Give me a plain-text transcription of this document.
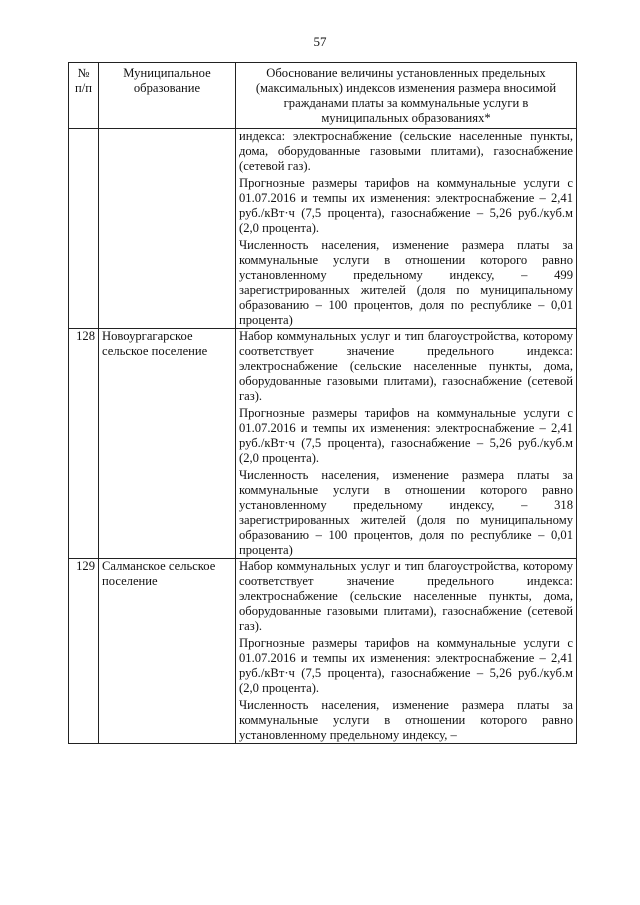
57
№ п/п	Муниципальное образование	Обоснование величины установленных предельных (максимальных) индексов изменения размера вносимой гражданами платы за коммунальные услуги в муниципальных образованиях*

		индекса: электроснабжение (сельские населенные пункты, дома, оборудованные газовыми плитами), газоснабжение (сетевой газ).
Прогнозные размеры тарифов на коммунальные услуги с 01.07.2016 и темпы их изменения: электроснабжение – 2,41 руб./кВт·ч (7,5 процента), газоснабжение – 5,26 руб./куб.м (2,0 процента).
Численность населения, изменение размера платы за коммунальные услуги в отношении которого равно установленному предельному индексу, – 499 зарегистрированных жителей (доля по муниципальному образованию – 100 процентов, доля по республике – 0,01 процента)

128	Новоургагарское сельское поселение	Набор коммунальных услуг и тип благоустройства, которому соответствует значение предельного индекса: электроснабжение (сельские населенные пункты, дома, оборудованные газовыми плитами), газоснабжение (сетевой газ).
Прогнозные размеры тарифов на коммунальные услуги с 01.07.2016 и темпы их изменения: электроснабжение – 2,41 руб./кВт·ч (7,5 процента), газоснабжение – 5,26 руб./куб.м (2,0 процента).
Численность населения, изменение размера платы за коммунальные услуги в отношении которого равно установленному предельному индексу, – 318 зарегистрированных жителей (доля по муниципальному образованию – 100 процентов, доля по республике – 0,01 процента)

129	Салманское сельское поселение	Набор коммунальных услуг и тип благоустройства, которому соответствует значение предельного индекса: электроснабжение (сельские населенные пункты, дома, оборудованные газовыми плитами), газоснабжение (сетевой газ).
Прогнозные размеры тарифов на коммунальные услуги с 01.07.2016 и темпы их изменения: электроснабжение – 2,41 руб./кВт·ч (7,5 процента), газоснабжение – 5,26 руб./куб.м (2,0 процента).
Численность населения, изменение размера платы за коммунальные услуги в отношении которого равно установленному предельному индексу, –
